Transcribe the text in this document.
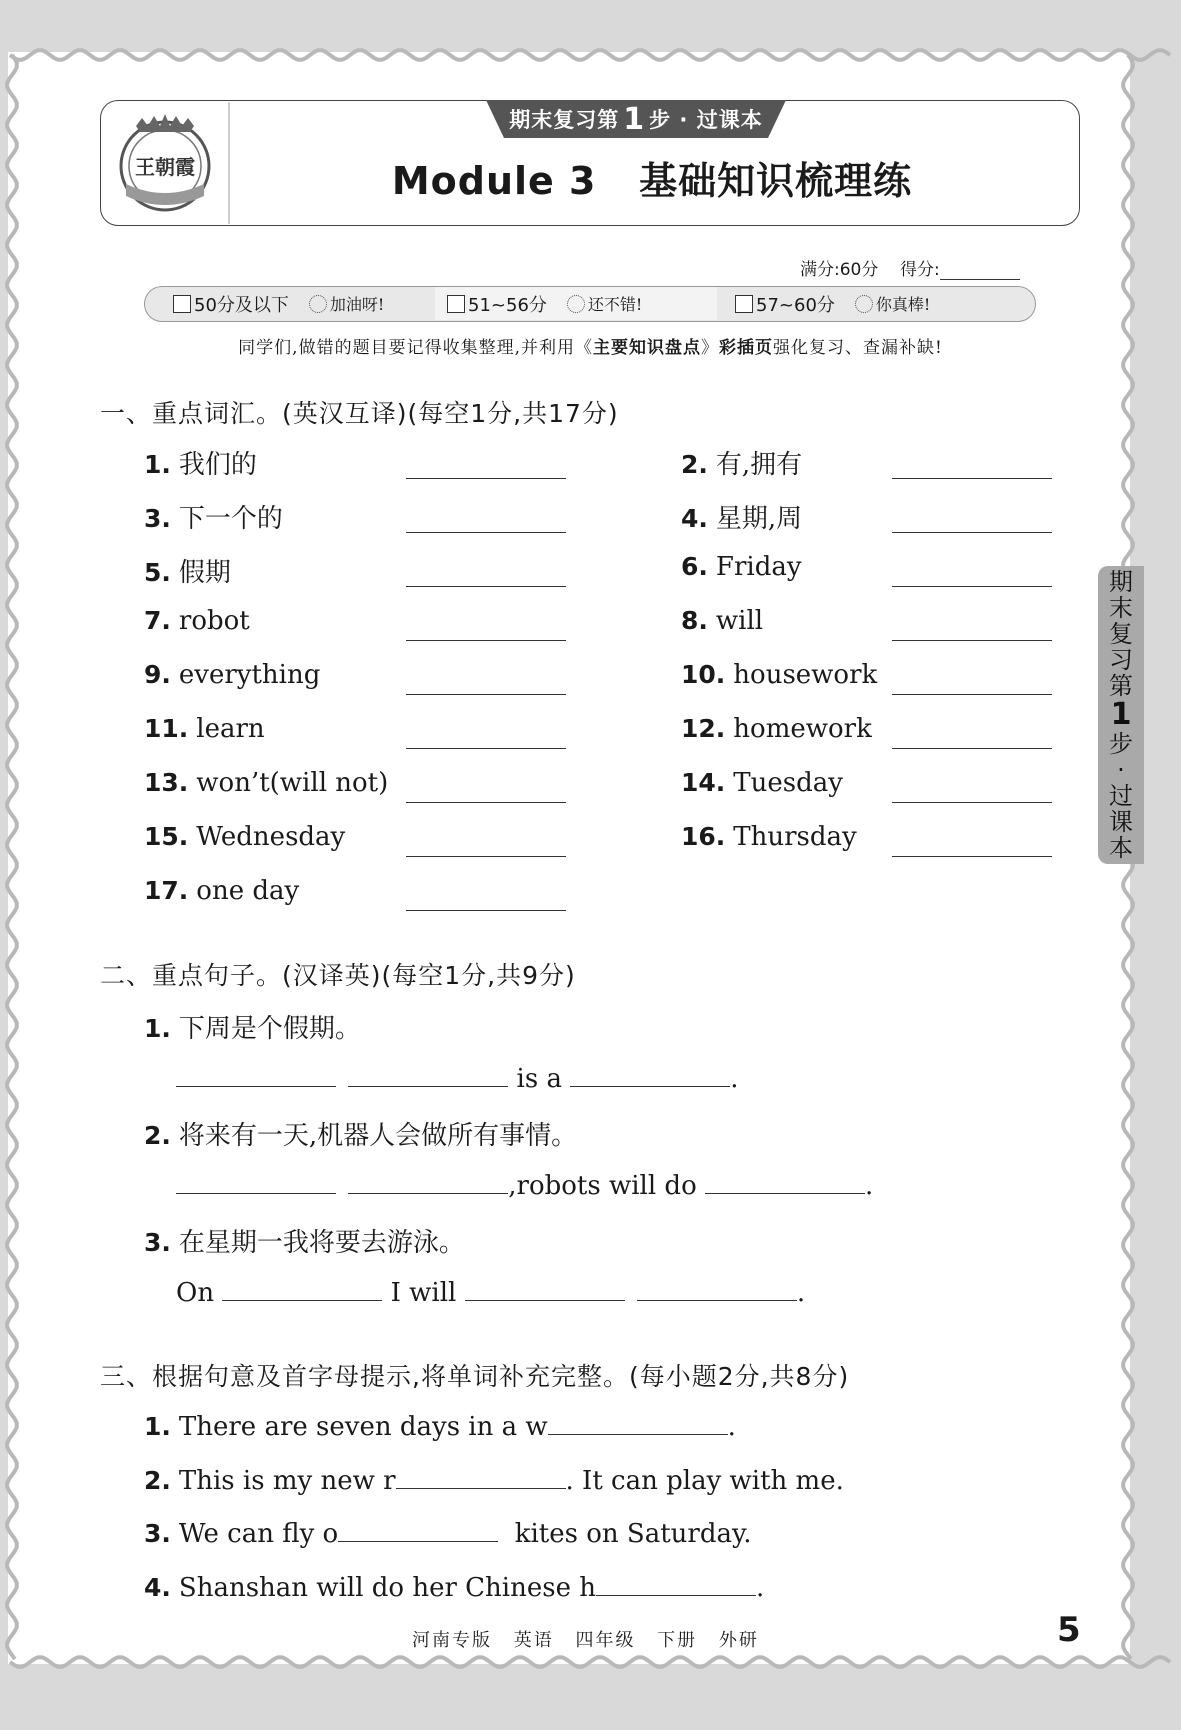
王朝霞
期末复习第 1 步 · 过课本
Module 3   基础知识梳理练
满分:60分 得分:
50分及以下	加油呀!	51~56分	还不错!	57~60分	你真棒!
同学们,做错的题目要记得收集整理,并利用《主要知识盘点》彩插页强化复习、查漏补缺!
一、重点词汇。(英汉互译)(每空1分,共17分)
1. 我们的	2. 有,拥有
3. 下一个的	4. 星期,周
5. 假期	6. Friday
7. robot	8. will
9. everything	10. housework
11. learn	12. homework
13. won’t(will not)	14. Tuesday
15. Wednesday	16. Thursday
17. one day
二、重点句子。(汉译英)(每空1分,共9分)
1. 下周是个假期。
is a	.
2. 将来有一天,机器人会做所有事情。
,robots will do	.
3. 在星期一我将要去游泳。
On	I will	.
三、根据句意及首字母提示,将单词补充完整。(每小题2分,共8分)
1. There are seven days in a w	.
2. This is my new r	. It can play with me.
3. We can fly o	kites on Saturday.
4. Shanshan will do her Chinese h	.
期
末
复
习
第
1
步
·
过
课
本
河南专版 英语 四年级 下册 外研	5
